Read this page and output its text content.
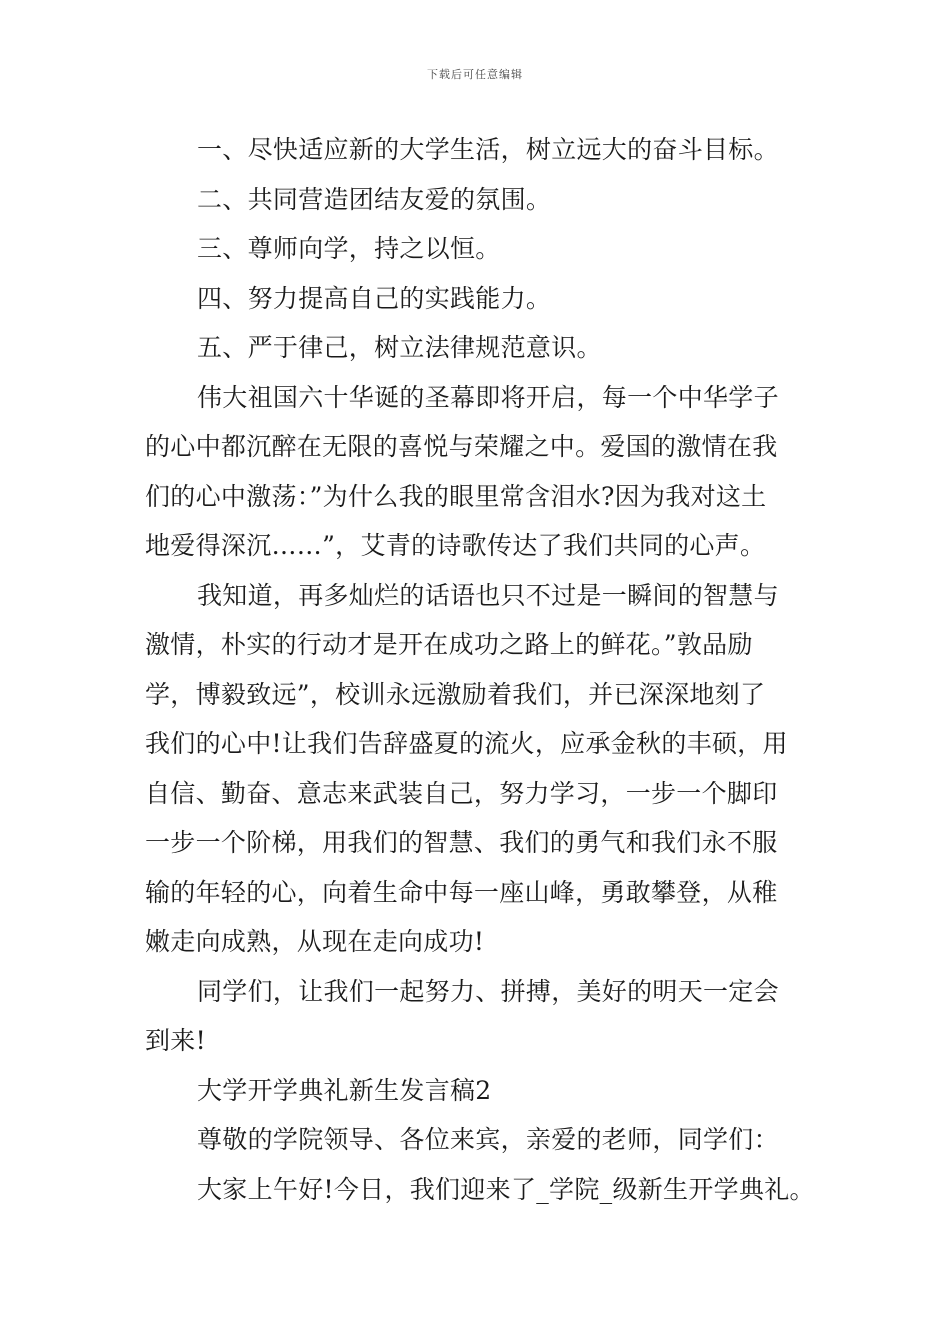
下载后可任意编辑
一、尽快适应新的大学生活，树立远大的奋斗目标。
二、共同营造团结友爱的氛围。
三、尊师向学，持之以恒。
四、努力提高自己的实践能力。
五、严于律己，树立法律规范意识。
伟大祖国六十华诞的圣幕即将开启，每一个中华学子
的心中都沉醉在无限的喜悦与荣耀之中。爱国的激情在我
们的心中激荡：”为什么我的眼里常含泪水?因为我对这土
地爱得深沉……”，艾青的诗歌传达了我们共同的心声。
我知道，再多灿烂的话语也只不过是一瞬间的智慧与
激情，朴实的行动才是开在成功之路上的鲜花。”敦品励
学，博毅致远”，校训永远激励着我们，并已深深地刻了
我们的心中!让我们告辞盛夏的流火，应承金秋的丰硕，用
自信、勤奋、意志来武装自己，努力学习，一步一个脚印
一步一个阶梯，用我们的智慧、我们的勇气和我们永不服
输的年轻的心，向着生命中每一座山峰，勇敢攀登，从稚
嫩走向成熟，从现在走向成功!
同学们，让我们一起努力、拼搏，美好的明天一定会
到来!
大学开学典礼新生发言稿2
尊敬的学院领导、各位来宾，亲爱的老师，同学们：
大家上午好!今日，我们迎来了_学院_级新生开学典礼。
